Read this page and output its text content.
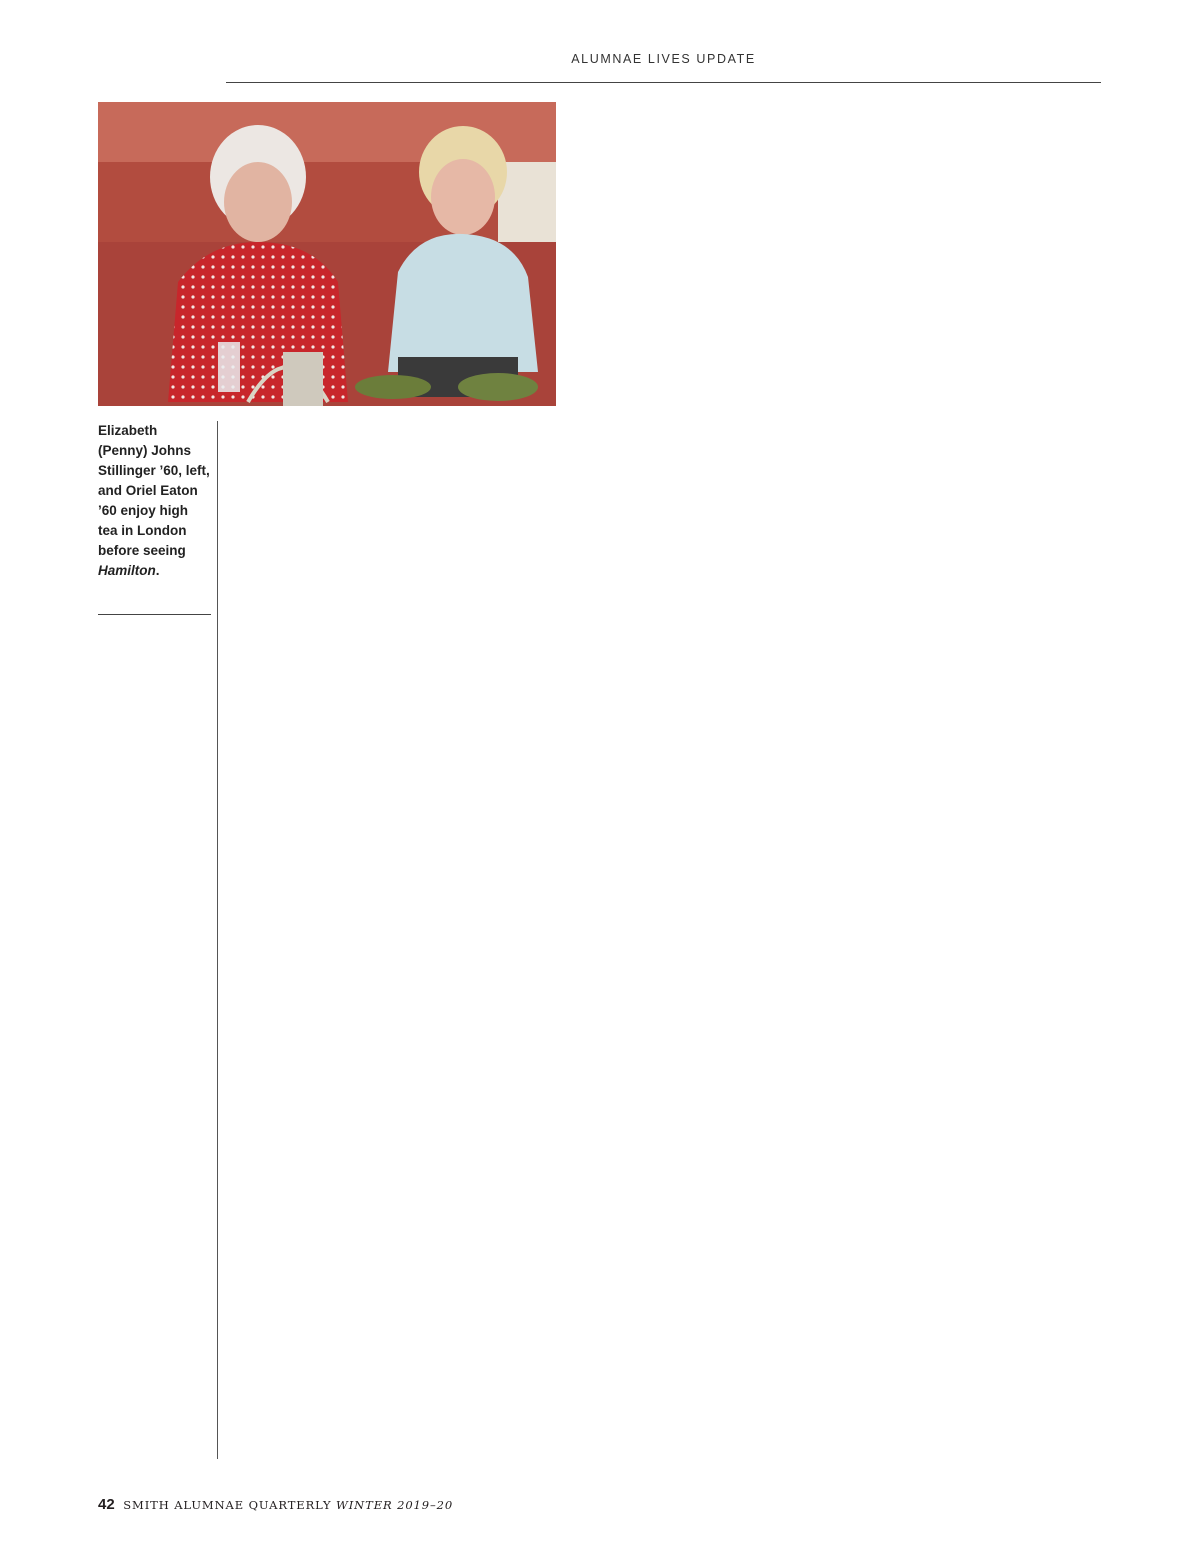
ALUMNAE LIVES UPDATE
Elizabeth (Penny) Johns Stillinger ’60, left, and Oriel Eaton ’60 enjoy high tea in London before seeing Hamilton.
42 SMITH ALUMNAE QUARTERLY WINTER 2019–20
